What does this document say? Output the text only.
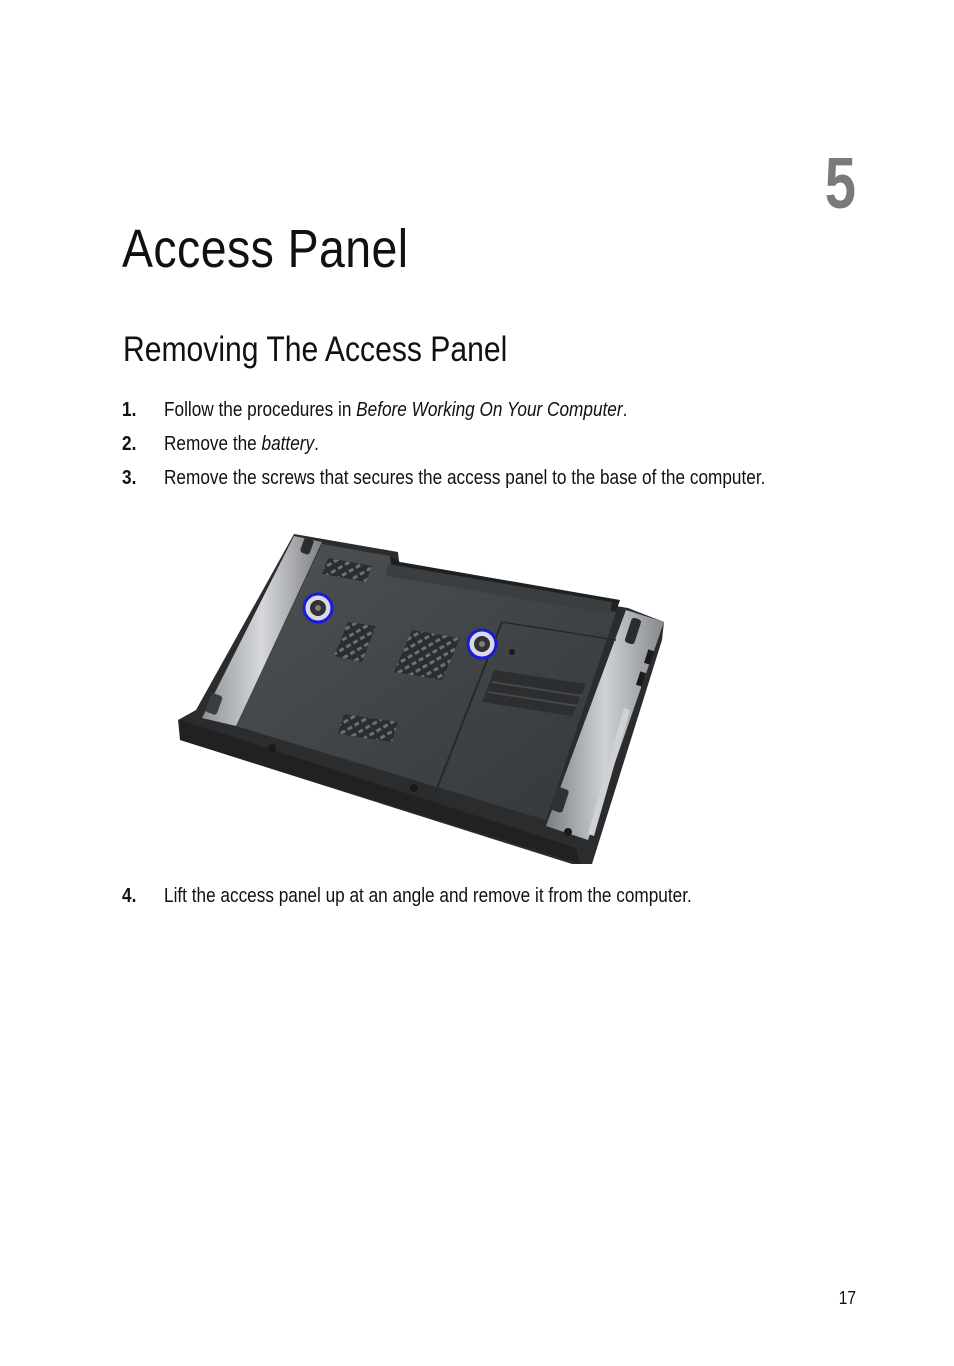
5
Access Panel
Removing The Access Panel
1. Follow the procedures in Before Working On Your Computer.
2. Remove the battery.
3. Remove the screws that secures the access panel to the base of the computer.
4. Lift the access panel up at an angle and remove it from the computer.
17
